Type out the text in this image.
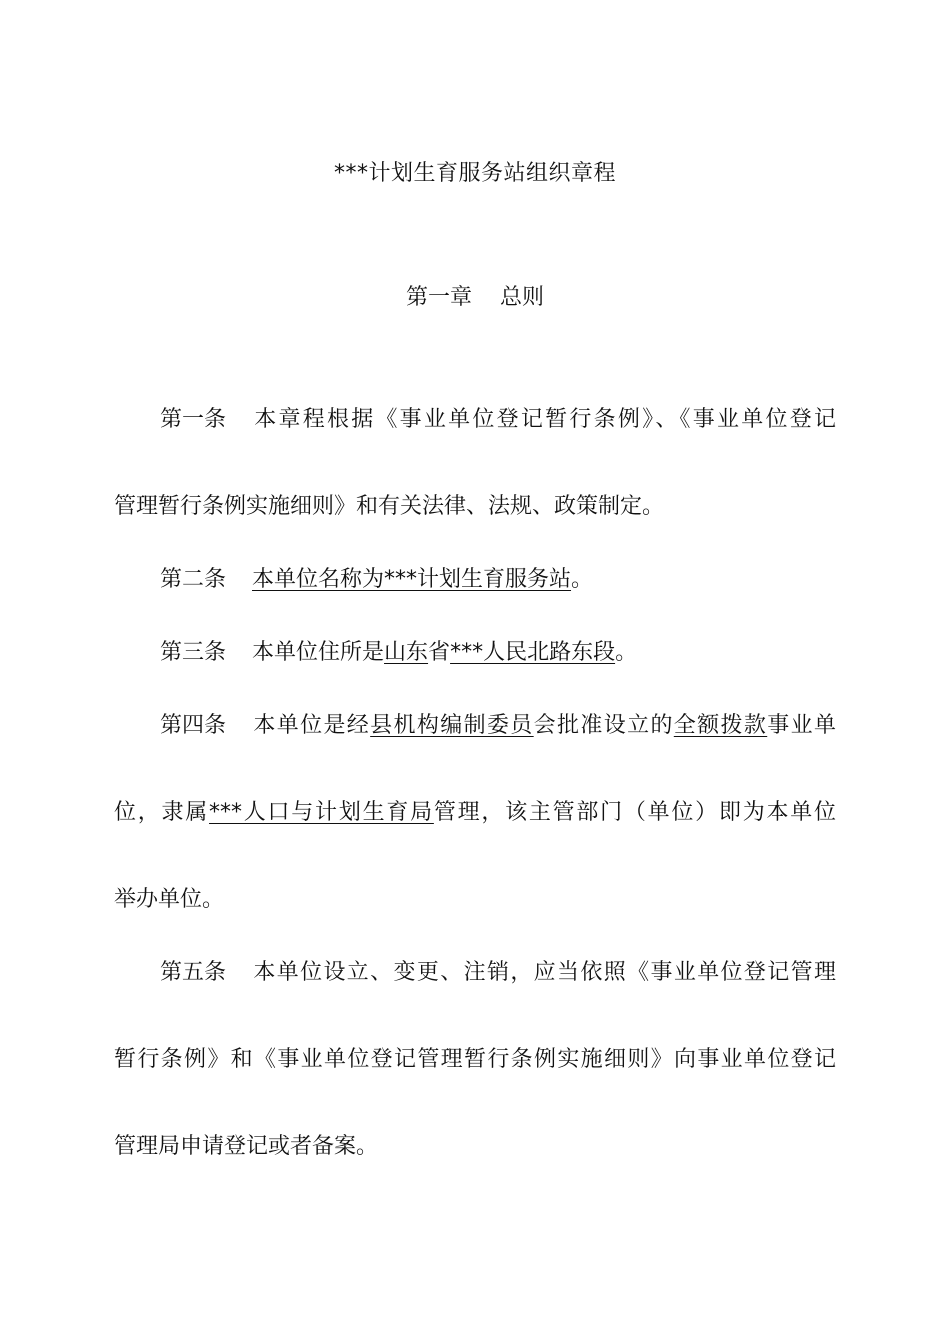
***计划生育服务站组织章程
第一章 总则
第一条 本章程根据《事业单位登记暂行条例》、《事业单位登记
管理暂行条例实施细则》和有关法律、法规、政策制定。
第二条 本单位名称为***计划生育服务站。
第三条 本单位住所是山东省***人民北路东段。
第四条 本单位是经县机构编制委员会批准设立的全额拨款事业单
位，隶属***人口与计划生育局管理，该主管部门（单位）即为本单位
举办单位。
第五条 本单位设立、变更、注销，应当依照《事业单位登记管理
暂行条例》和《事业单位登记管理暂行条例实施细则》向事业单位登记
管理局申请登记或者备案。
